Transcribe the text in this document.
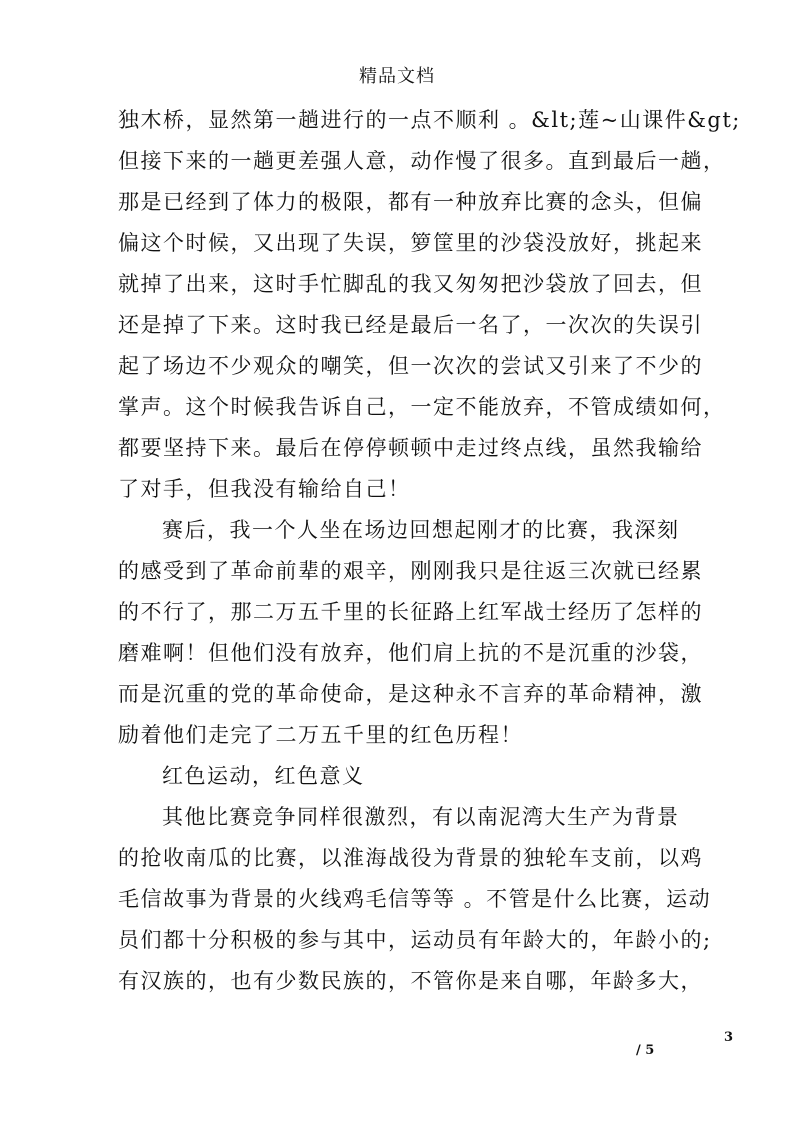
精品文档
独木桥，显然第一趟进行的一点不顺利 。&lt;莲~山课件&gt;
但接下来的一趟更差强人意，动作慢了很多。直到最后一趟，
那是已经到了体力的极限，都有一种放弃比赛的念头，但偏
偏这个时候，又出现了失误，箩筐里的沙袋没放好，挑起来
就掉了出来，这时手忙脚乱的我又匆匆把沙袋放了回去，但
还是掉了下来。这时我已经是最后一名了，一次次的失误引
起了场边不少观众的嘲笑，但一次次的尝试又引来了不少的
掌声。这个时候我告诉自己，一定不能放弃，不管成绩如何，
都要坚持下来。最后在停停顿顿中走过终点线，虽然我输给
了对手，但我没有输给自己！
赛后，我一个人坐在场边回想起刚才的比赛，我深刻
的感受到了革命前辈的艰辛，刚刚我只是往返三次就已经累
的不行了，那二万五千里的长征路上红军战士经历了怎样的
磨难啊！但他们没有放弃，他们肩上抗的不是沉重的沙袋，
而是沉重的党的革命使命，是这种永不言弃的革命精神，激
励着他们走完了二万五千里的红色历程！
红色运动，红色意义
其他比赛竞争同样很激烈，有以南泥湾大生产为背景
的抢收南瓜的比赛，以淮海战役为背景的独轮车支前，以鸡
毛信故事为背景的火线鸡毛信等等 。不管是什么比赛，运动
员们都十分积极的参与其中，运动员有年龄大的，年龄小的;
有汉族的，也有少数民族的，不管你是来自哪，年龄多大，
3
/ 5
